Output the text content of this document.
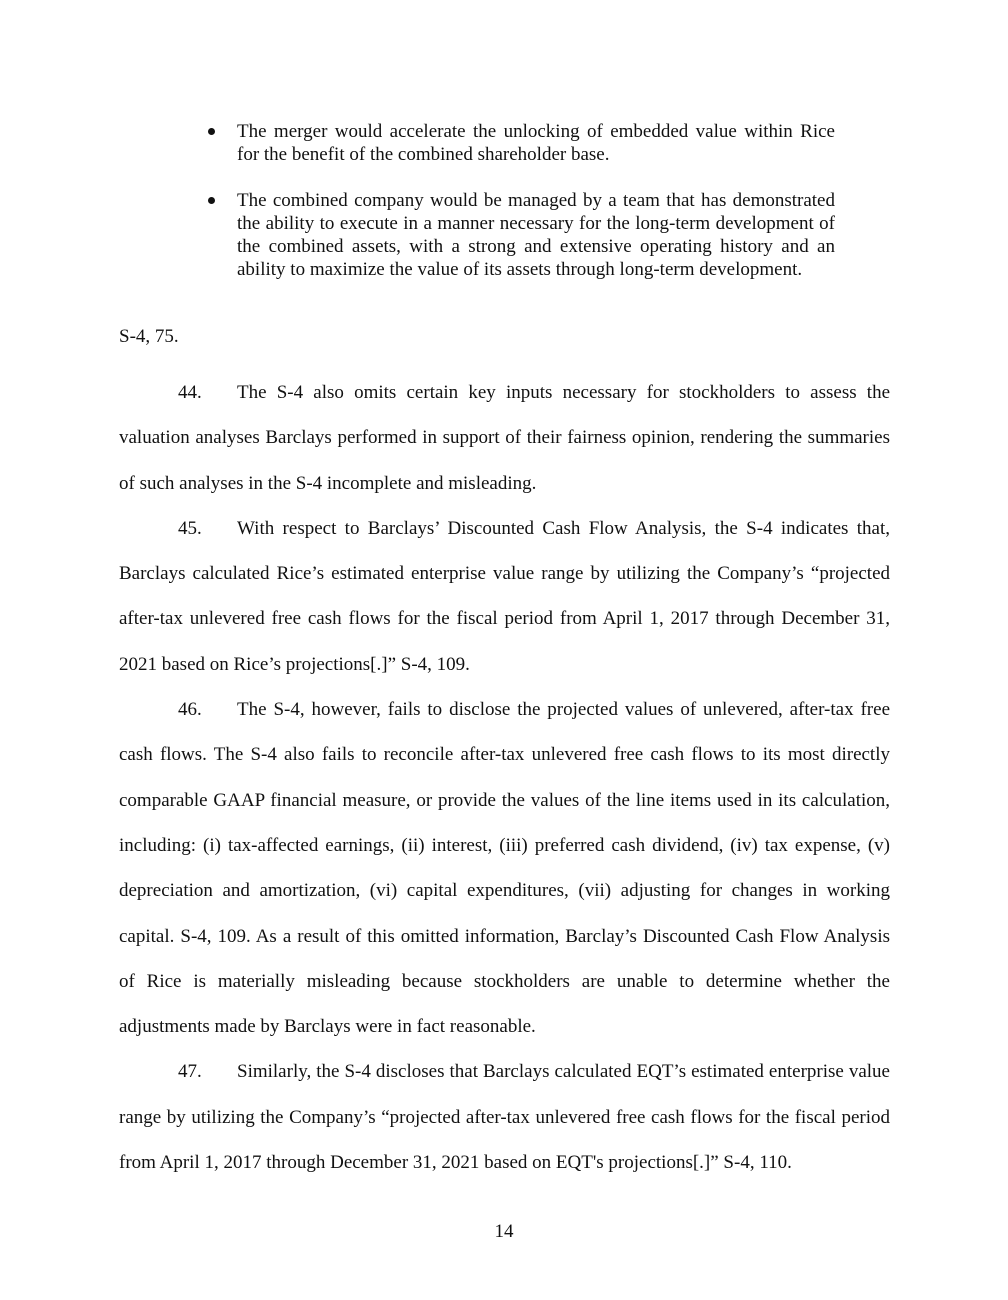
The merger would accelerate the unlocking of embedded value within Rice for the benefit of the combined shareholder base.
The combined company would be managed by a team that has demonstrated the ability to execute in a manner necessary for the long-term development of the combined assets, with a strong and extensive operating history and an ability to maximize the value of its assets through long-term development.
S-4, 75.

44. The S-4 also omits certain key inputs necessary for stockholders to assess the valuation analyses Barclays performed in support of their fairness opinion, rendering the summaries of such analyses in the S-4 incomplete and misleading.

45. With respect to Barclays’ Discounted Cash Flow Analysis, the S-4 indicates that, Barclays calculated Rice’s estimated enterprise value range by utilizing the Company’s “projected after-tax unlevered free cash flows for the fiscal period from April 1, 2017 through December 31, 2021 based on Rice’s projections[.]” S-4, 109.

46. The S-4, however, fails to disclose the projected values of unlevered, after-tax free cash flows. The S-4 also fails to reconcile after-tax unlevered free cash flows to its most directly comparable GAAP financial measure, or provide the values of the line items used in its calculation, including: (i) tax-affected earnings, (ii) interest, (iii) preferred cash dividend, (iv) tax expense, (v) depreciation and amortization, (vi) capital expenditures, (vii) adjusting for changes in working capital. S-4, 109. As a result of this omitted information, Barclay’s Discounted Cash Flow Analysis of Rice is materially misleading because stockholders are unable to determine whether the adjustments made by Barclays were in fact reasonable.

47. Similarly, the S-4 discloses that Barclays calculated EQT’s estimated enterprise value range by utilizing the Company’s “projected after-tax unlevered free cash flows for the fiscal period from April 1, 2017 through December 31, 2021 based on EQT's projections[.]” S-4, 110.

14
